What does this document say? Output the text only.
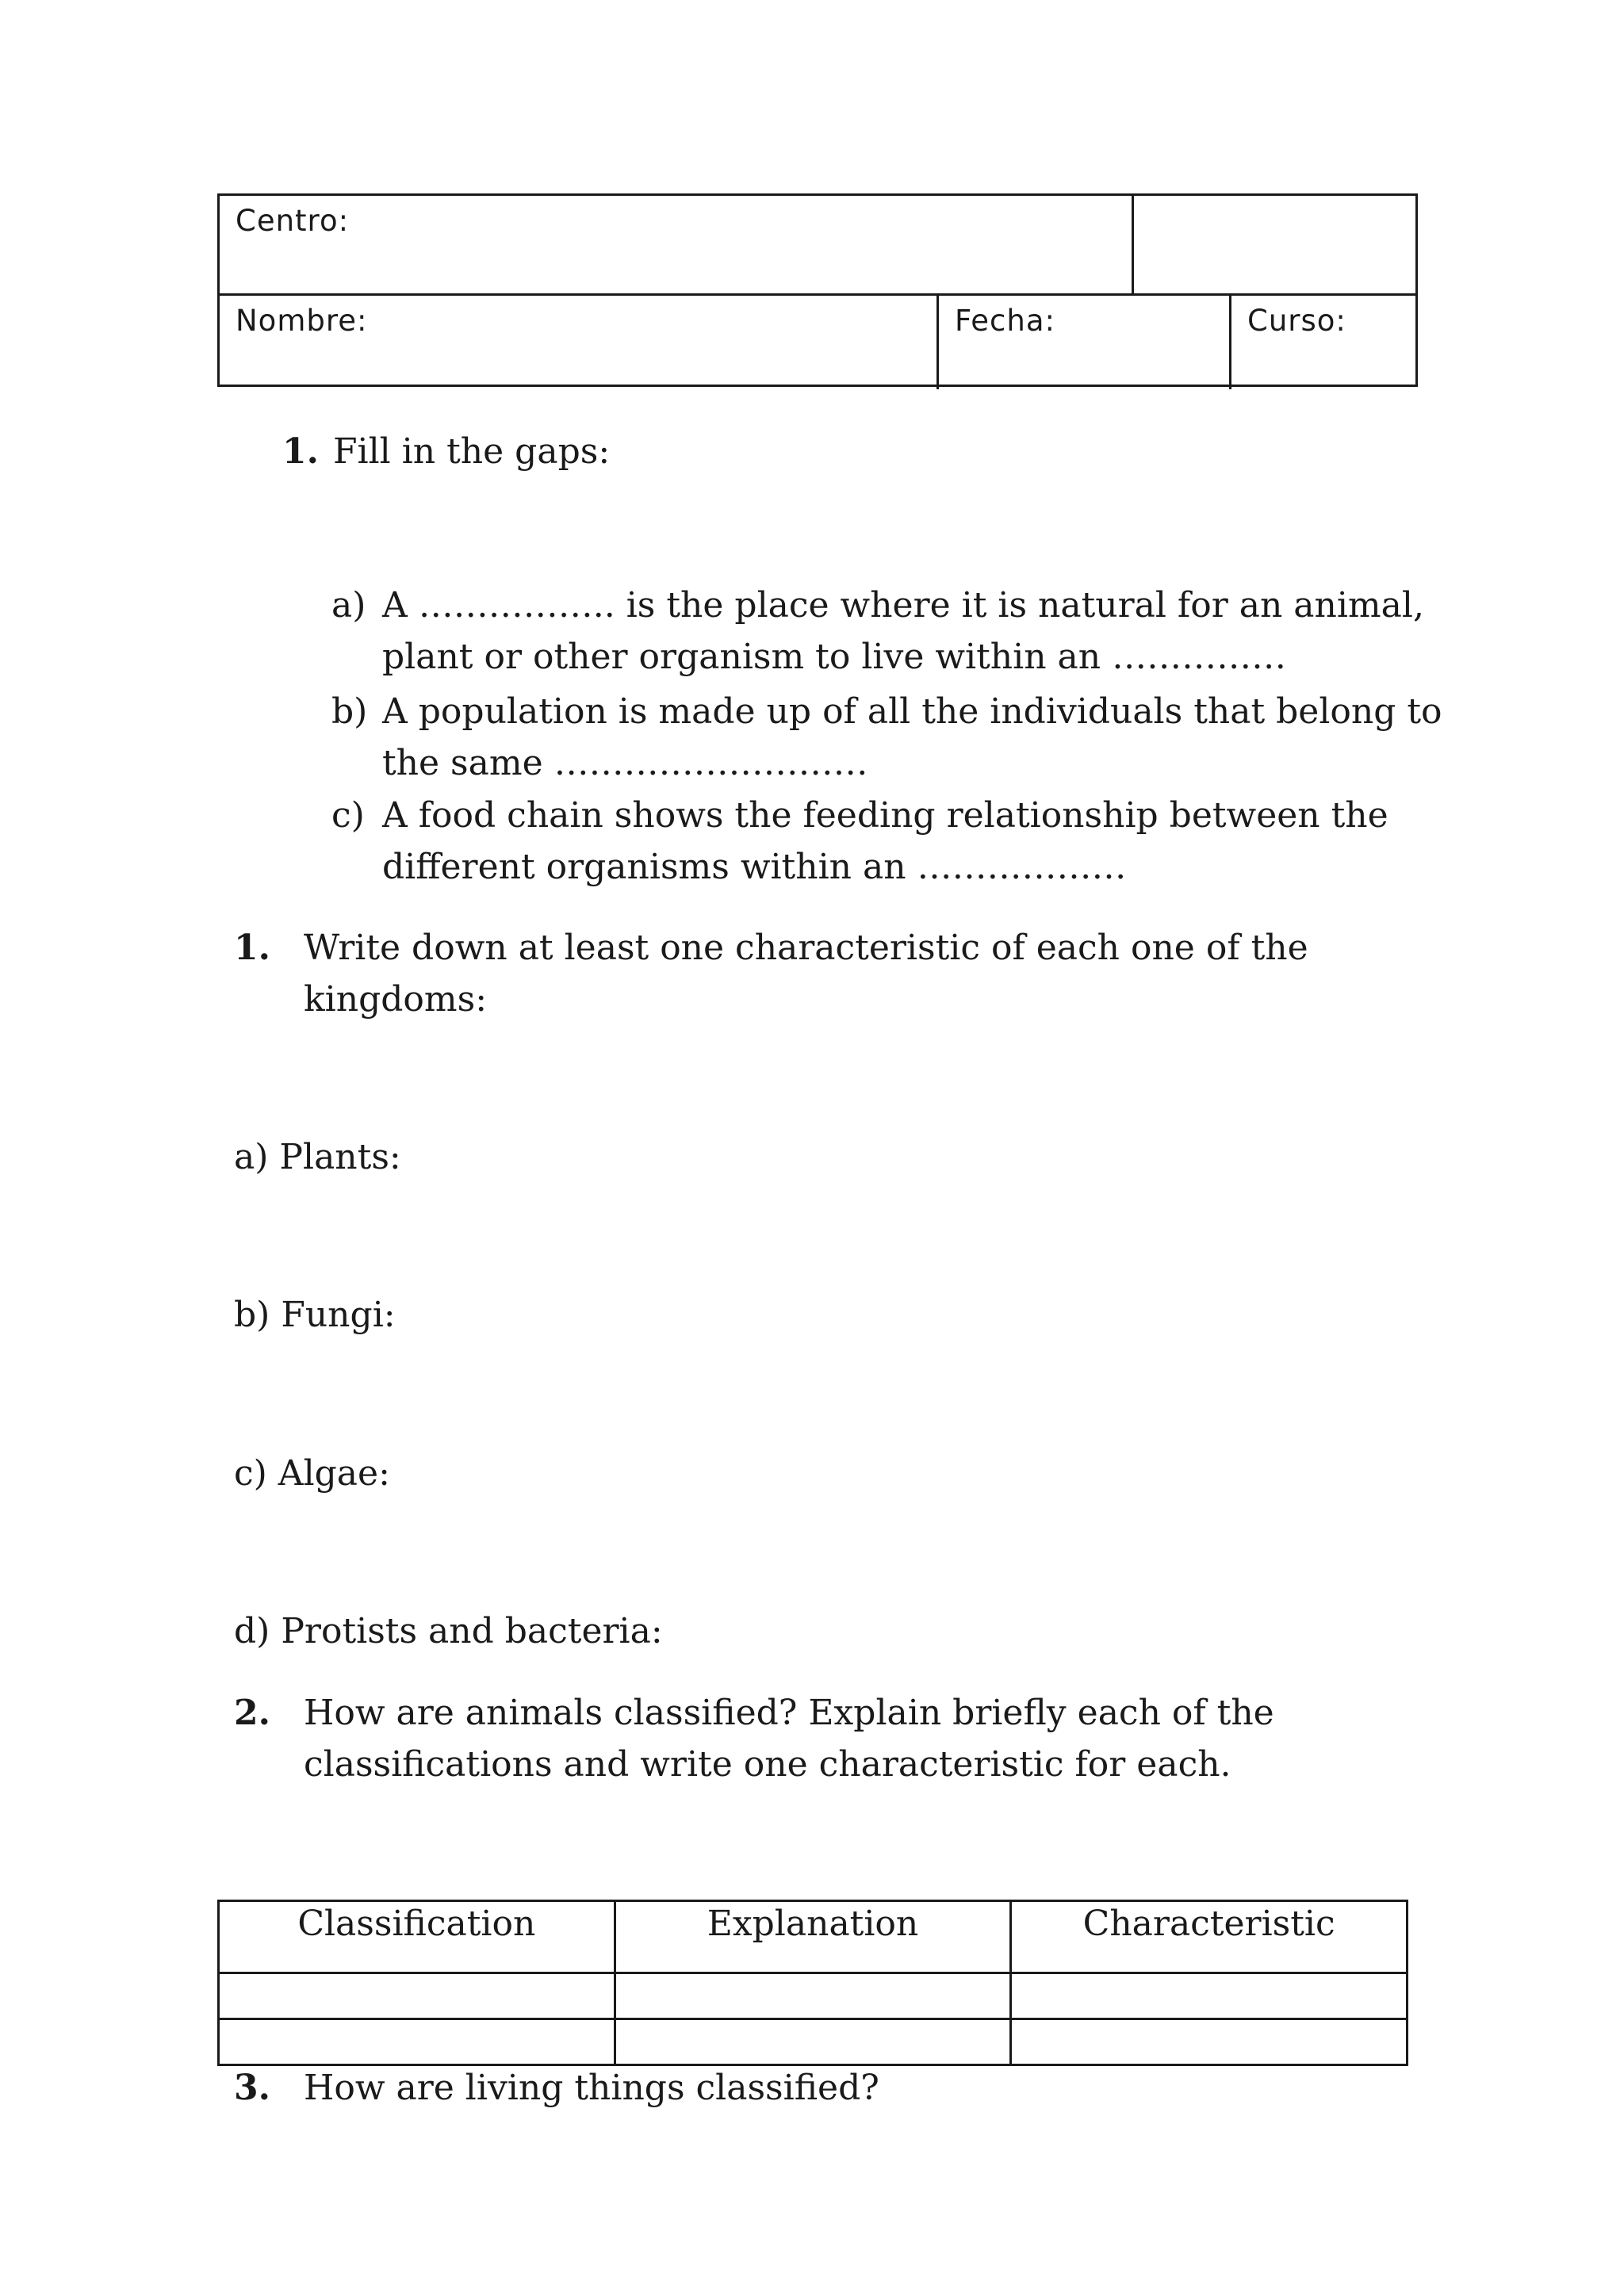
Centro:
Nombre:	Fecha:	Curso:
1. Fill in the gaps:
a) A …………….. is the place where it is natural for an animal,
plant or other organism to live within an ……………
b) A population is made up of all the individuals that belong to
the same ………………………
c) A food chain shows the feeding relationship between the
different organisms within an ………………
1. Write down at least one characteristic of each one of the
kingdoms:
a) Plants:
b) Fungi:
c) Algae:
d) Protists and bacteria:
2. How are animals classified? Explain briefly each of the
classifications and write one characteristic for each.
Classification	Explanation	Characteristic

3. How are living things classified?
